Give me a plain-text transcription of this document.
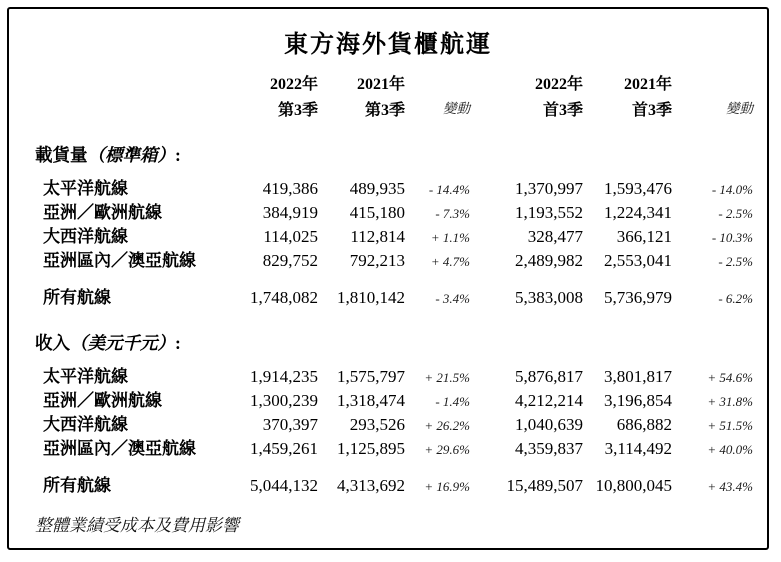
東方海外貨櫃航運
	2022年	2021年		2022年	2021年	
	第3季	第3季	變動	首3季	首3季	變動

載貨量（標準箱）:						

太平洋航線	419,386	489,935	- 14.4%	1,370,997	1,593,476	- 14.0%
亞洲／歐洲航線	384,919	415,180	- 7.3%	1,193,552	1,224,341	- 2.5%
大西洋航線	114,025	112,814	+ 1.1%	328,477	366,121	- 10.3%
亞洲區內／澳亞航線	829,752	792,213	+ 4.7%	2,489,982	2,553,041	- 2.5%

所有航線	1,748,082	1,810,142	- 3.4%	5,383,008	5,736,979	- 6.2%

收入（美元千元）:						

太平洋航線	1,914,235	1,575,797	+ 21.5%	5,876,817	3,801,817	+ 54.6%
亞洲／歐洲航線	1,300,239	1,318,474	- 1.4%	4,212,214	3,196,854	+ 31.8%
大西洋航線	370,397	293,526	+ 26.2%	1,040,639	686,882	+ 51.5%
亞洲區內／澳亞航線	1,459,261	1,125,895	+ 29.6%	4,359,837	3,114,492	+ 40.0%

所有航線	5,044,132	4,313,692	+ 16.9%	15,489,507	10,800,045	+ 43.4%

整體業績受成本及費用影響						
